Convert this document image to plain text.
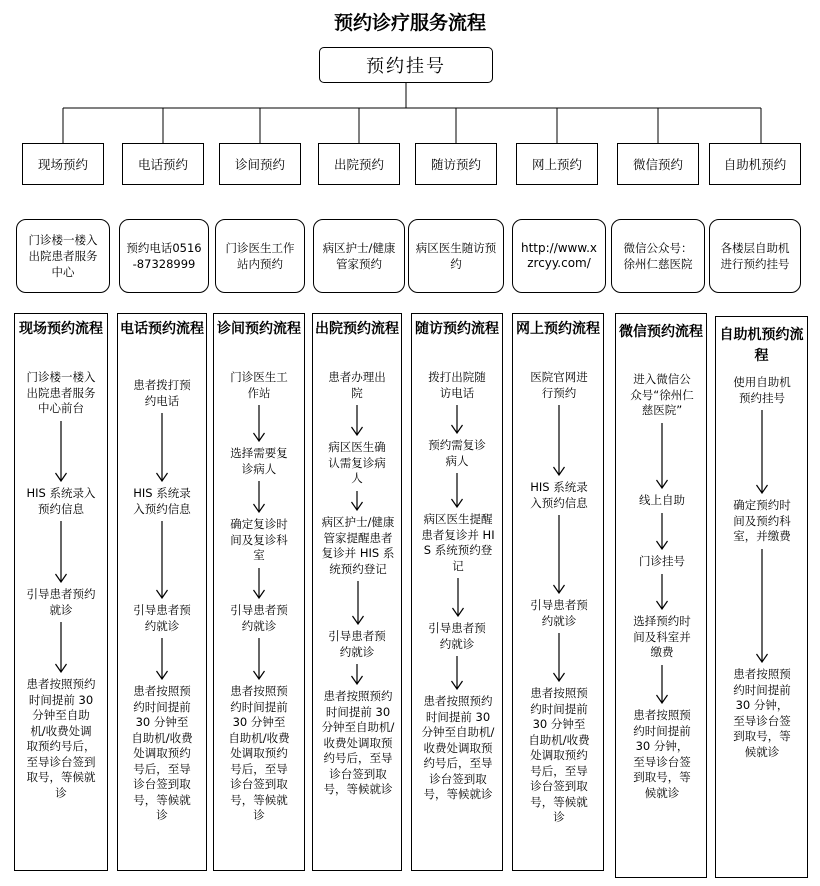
预约诊疗服务流程
预约挂号
现场预约	电话预约	诊间预约	出院预约	随访预约	网上预约	微信预约	自助机预约
门诊楼一楼入出院患者服务中心
预约电话0516-87328999
门诊医生工作站内预约
病区护士/健康管家预约
病区医生随访预约
http://www.xzrcyy.com/
微信公众号：徐州仁慈医院
各楼层自助机进行预约挂号
现场预约流程
门诊楼一楼入出院患者服务中心前台
HIS 系统录入预约信息
引导患者预约就诊
患者按照预约时间提前 30 分钟至自助机/收费处调取预约号后，至导诊台签到取号，等候就诊
电话预约流程
患者拨打预约电话
HIS 系统录入预约信息
引导患者预约就诊
患者按照预约时间提前 30 分钟至自助机/收费处调取预约号后，至导诊台签到取号，等候就诊
诊间预约流程
门诊医生工作站
选择需要复诊病人
确定复诊时间及复诊科室
引导患者预约就诊
患者按照预约时间提前 30 分钟至自助机/收费处调取预约号后，至导诊台签到取号，等候就诊
出院预约流程
患者办理出院
病区医生确认需复诊病人
病区护士/健康管家提醒患者复诊并 HIS 系统预约登记
引导患者预约就诊
患者按照预约时间提前 30 分钟至自助机/收费处调取预约号后，至导诊台签到取号，等候就诊
随访预约流程
拨打出院随访电话
预约需复诊病人
病区医生提醒患者复诊并 HIS 系统预约登记
引导患者预约就诊
患者按照预约时间提前 30 分钟至自助机/收费处调取预约号后，至导诊台签到取号，等候就诊
网上预约流程
医院官网进行预约
HIS 系统录入预约信息
引导患者预约就诊
患者按照预约时间提前 30 分钟至自助机/收费处调取预约号后，至导诊台签到取号，等候就诊
微信预约流程
进入微信公众号“徐州仁慈医院”
线上自助
门诊挂号
选择预约时间及科室并缴费
患者按照预约时间提前 30 分钟，至导诊台签到取号，等候就诊
自助机预约流程
使用自助机预约挂号
确定预约时间及预约科室，并缴费
患者按照预约时间提前 30 分钟，至导诊台签到取号，等候就诊
